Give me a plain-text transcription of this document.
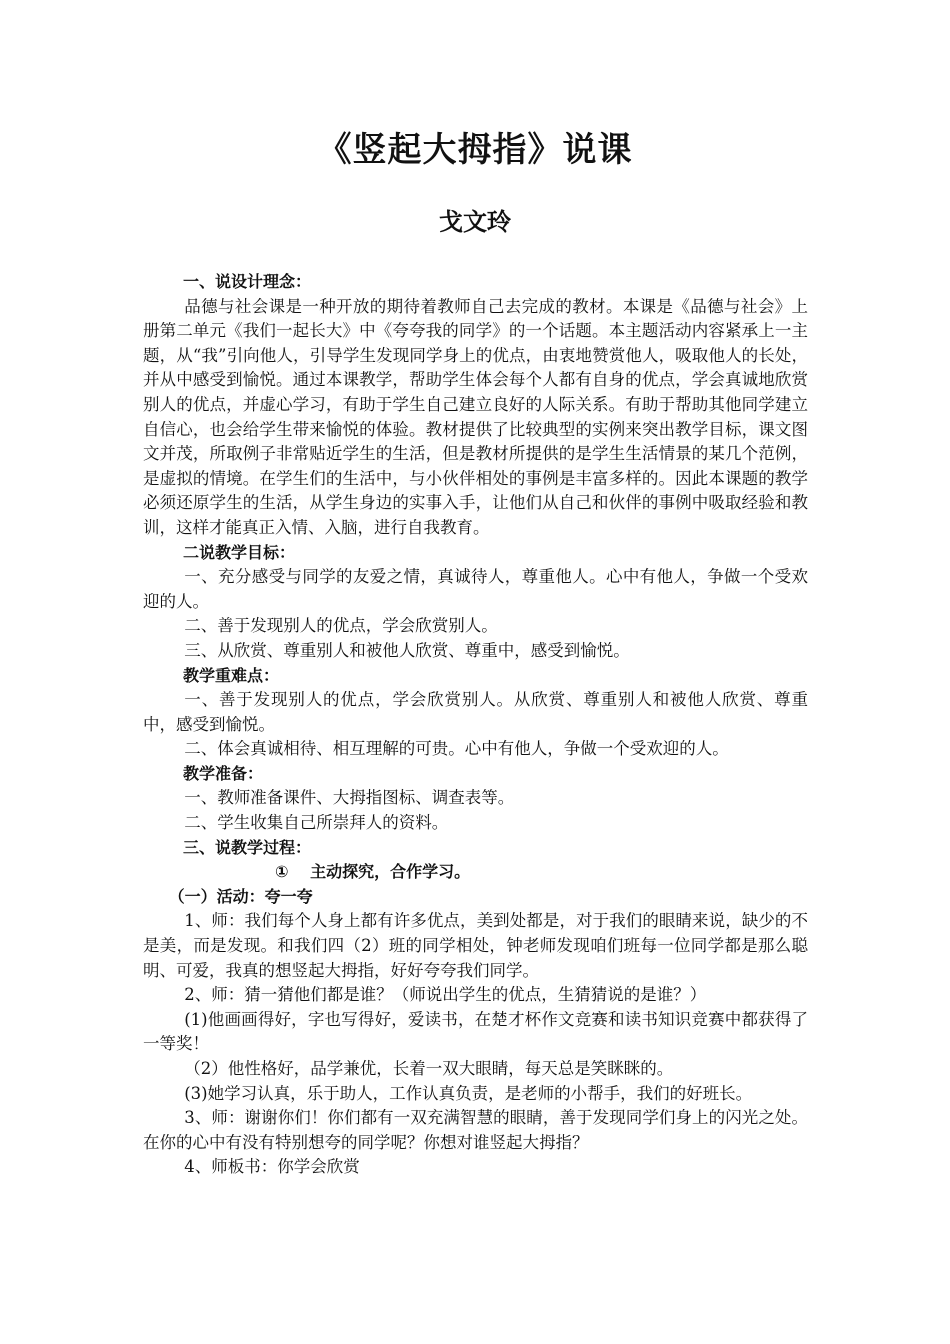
《竖起大拇指》说课
戈文玲

一、说设计理念：

品德与社会课是一种开放的期待着教师自己去完成的教材。本课是《品德与社会》上册第二单元《我们一起长大》中《夸夸我的同学》的一个话题。本主题活动内容紧承上一主题，从“我”引向他人，引导学生发现同学身上的优点，由衷地赞赏他人，吸取他人的长处，并从中感受到愉悦。通过本课教学，帮助学生体会每个人都有自身的优点，学会真诚地欣赏别人的优点，并虚心学习，有助于学生自己建立良好的人际关系。有助于帮助其他同学建立自信心，也会给学生带来愉悦的体验。教材提供了比较典型的实例来突出教学目标，课文图文并茂，所取例子非常贴近学生的生活，但是教材所提供的是学生生活情景的某几个范例，是虚拟的情境。在学生们的生活中，与小伙伴相处的事例是丰富多样的。因此本课题的教学必须还原学生的生活，从学生身边的实事入手，让他们从自己和伙伴的事例中吸取经验和教训，这样才能真正入情、入脑，进行自我教育。

二说教学目标：

一、充分感受与同学的友爱之情，真诚待人，尊重他人。心中有他人，争做一个受欢迎的人。

二、善于发现别人的优点，学会欣赏别人。

三、从欣赏、尊重别人和被他人欣赏、尊重中，感受到愉悦。

教学重难点：

一、善于发现别人的优点，学会欣赏别人。从欣赏、尊重别人和被他人欣赏、尊重中，感受到愉悦。

二、体会真诚相待、相互理解的可贵。心中有他人，争做一个受欢迎的人。

教学准备：

一、教师准备课件、大拇指图标、调查表等。

二、学生收集自己所崇拜人的资料。

三、说教学过程：

①　 主动探究，合作学习。

（一）活动：夸一夸

1、师：我们每个人身上都有许多优点，美到处都是，对于我们的眼睛来说，缺少的不是美，而是发现。和我们四（2）班的同学相处，钟老师发现咱们班每一位同学都是那么聪明、可爱，我真的想竖起大拇指，好好夸夸我们同学。

2、师：猜一猜他们都是谁？（师说出学生的优点，生猜猜说的是谁？）

(1)他画画得好，字也写得好，爱读书，在楚才杯作文竞赛和读书知识竞赛中都获得了一等奖！

（2）他性格好，品学兼优，长着一双大眼睛，每天总是笑眯眯的。

(3)她学习认真，乐于助人，工作认真负责，是老师的小帮手，我们的好班长。

3、师：谢谢你们！你们都有一双充满智慧的眼睛，善于发现同学们身上的闪光之处。在你的心中有没有特别想夸的同学呢？你想对谁竖起大拇指？

4、师板书：你学会欣赏
